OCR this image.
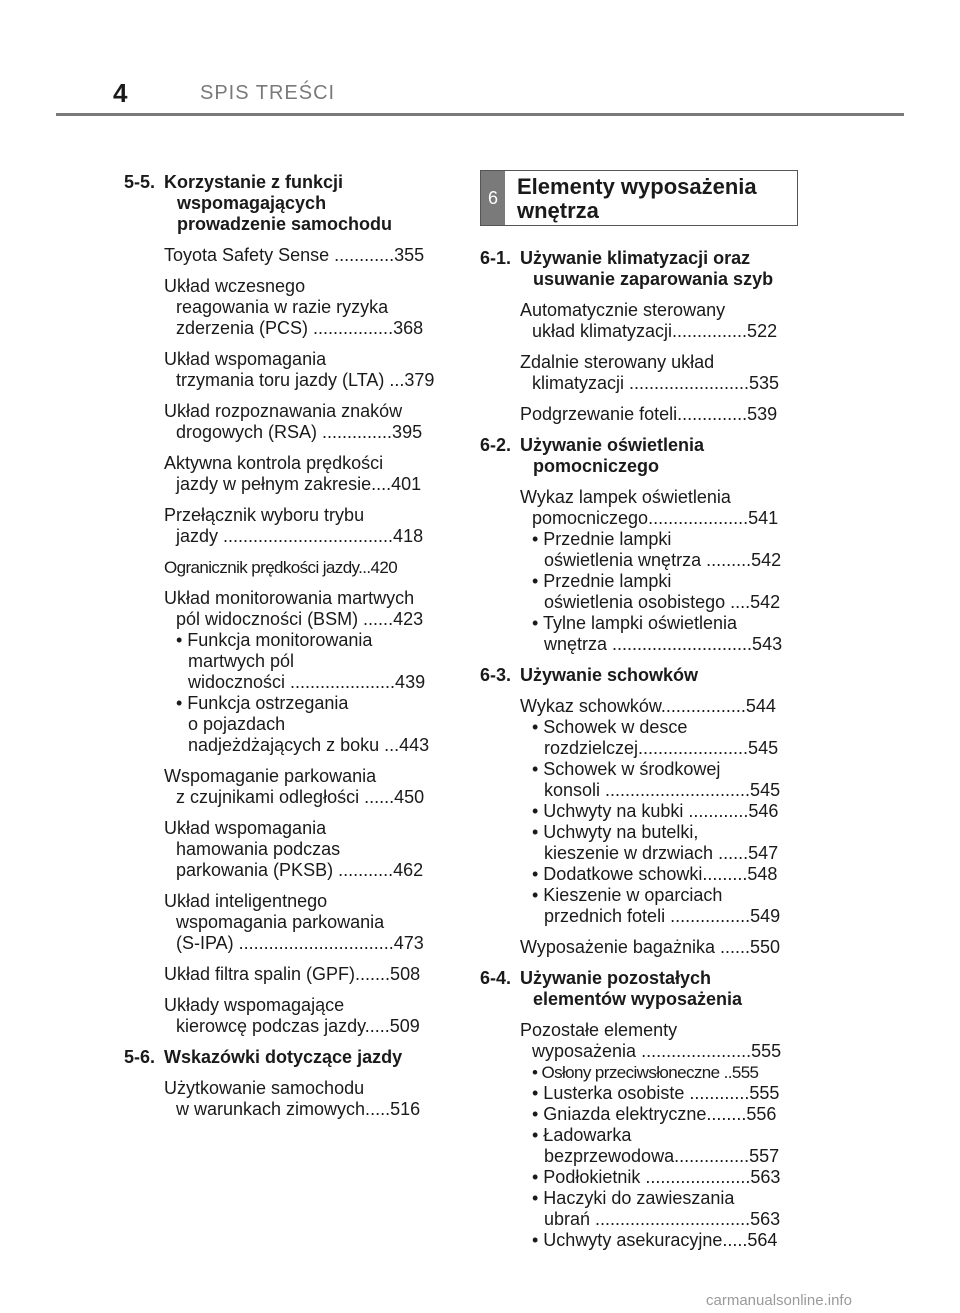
4	SPIS TREŚCI
5-5. Korzystanie z funkcji
wspomagających
prowadzenie samochodu
Toyota Safety Sense ............355
Układ wczesnego
reagowania w razie ryzyka
zderzenia (PCS) ................368
Układ wspomagania
trzymania toru jazdy (LTA) ...379
Układ rozpoznawania znaków
drogowych (RSA) ..............395
Aktywna kontrola prędkości
jazdy w pełnym zakresie....401
Przełącznik wyboru trybu
jazdy ..................................418
Ogranicznik prędkości jazdy...420
Układ monitorowania martwych
pól widoczności (BSM) ......423
• Funkcja monitorowania
martwych pól
widoczności .....................439
• Funkcja ostrzegania
o pojazdach
nadjeżdżających z boku ...443
Wspomaganie parkowania
z czujnikami odległości ......450
Układ wspomagania
hamowania podczas
parkowania (PKSB) ...........462
Układ inteligentnego
wspomagania parkowania
(S-IPA) ...............................473
Układ filtra spalin (GPF).......508
Układy wspomagające
kierowcę podczas jazdy.....509
5-6. Wskazówki dotyczące jazdy
Użytkowanie samochodu
w warunkach zimowych.....516
6 Elementy wyposażenia
wnętrza
6-1. Używanie klimatyzacji oraz
usuwanie zaparowania szyb
Automatycznie sterowany
układ klimatyzacji...............522
Zdalnie sterowany układ
klimatyzacji ........................535
Podgrzewanie foteli..............539
6-2. Używanie oświetlenia
pomocniczego
Wykaz lampek oświetlenia
pomocniczego....................541
• Przednie lampki
oświetlenia wnętrza .........542
• Przednie lampki
oświetlenia osobistego ....542
• Tylne lampki oświetlenia
wnętrza ............................543
6-3. Używanie schowków
Wykaz schowków.................544
• Schowek w desce
rozdzielczej......................545
• Schowek w środkowej
konsoli .............................545
• Uchwyty na kubki ............546
• Uchwyty na butelki,
kieszenie w drzwiach ......547
• Dodatkowe schowki.........548
• Kieszenie w oparciach
przednich foteli ................549
Wyposażenie bagażnika ......550
6-4. Używanie pozostałych
elementów wyposażenia
Pozostałe elementy
wyposażenia ......................555
• Osłony przeciwsłoneczne ..555
• Lusterka osobiste ............555
• Gniazda elektryczne........556
• Ładowarka
bezprzewodowa...............557
• Podłokietnik .....................563
• Haczyki do zawieszania
ubrań ...............................563
• Uchwyty asekuracyjne.....564
carmanualsonline.info
